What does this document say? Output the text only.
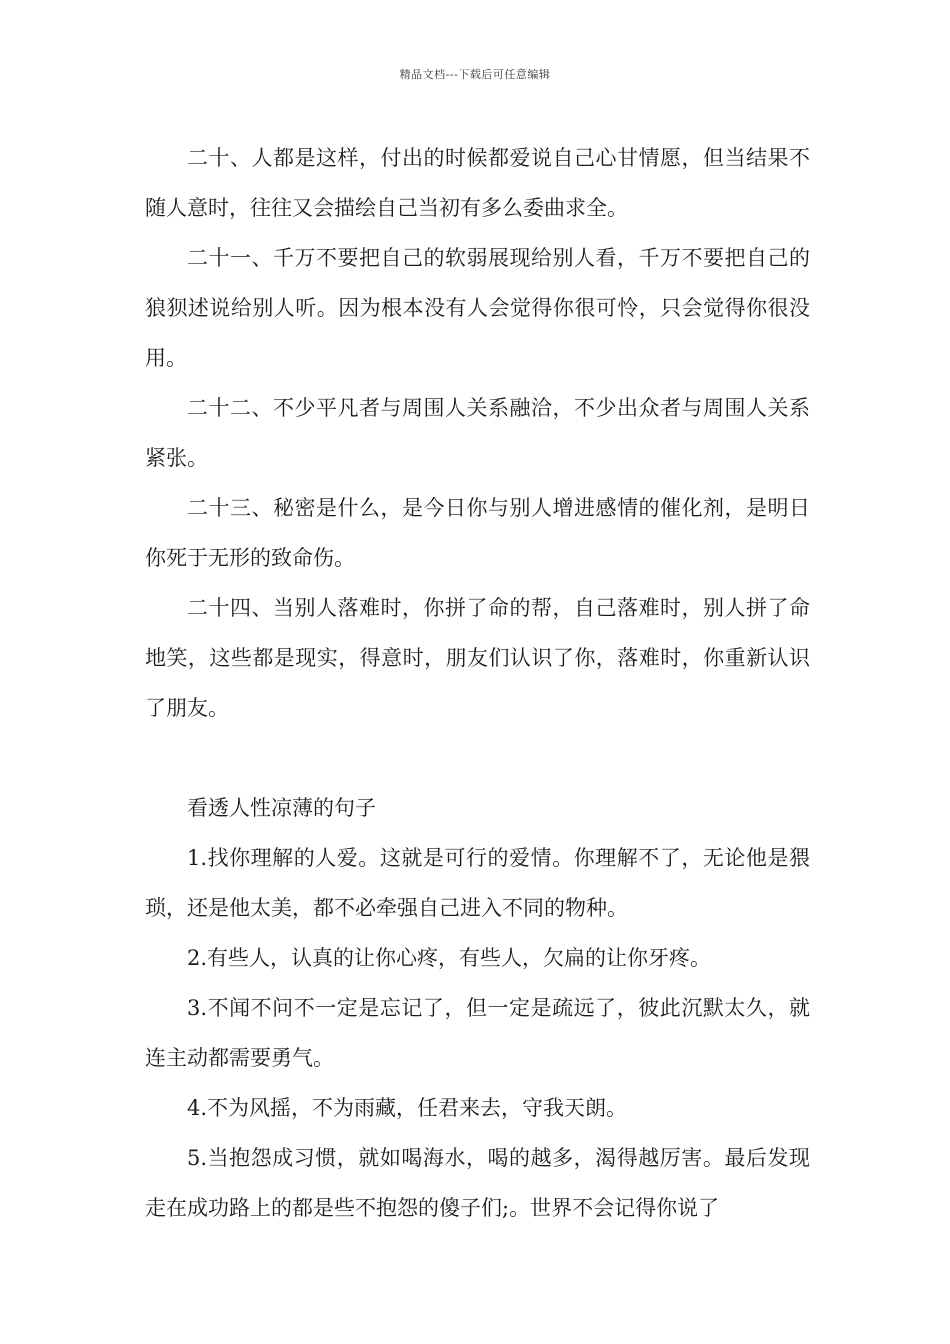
精品文档---下载后可任意编辑

二十、人都是这样，付出的时候都爱说自己心甘情愿，但当结果不随人意时，往往又会描绘自己当初有多么委曲求全。

二十一、千万不要把自己的软弱展现给别人看，千万不要把自己的狼狈述说给别人听。因为根本没有人会觉得你很可怜，只会觉得你很没用。

二十二、不少平凡者与周围人关系融洽，不少出众者与周围人关系紧张。

二十三、秘密是什么，是今日你与别人增进感情的催化剂，是明日你死于无形的致命伤。

二十四、当别人落难时，你拼了命的帮，自己落难时，别人拼了命地笑，这些都是现实，得意时，朋友们认识了你，落难时，你重新认识了朋友。

看透人性凉薄的句子

1.找你理解的人爱。这就是可行的爱情。你理解不了，无论他是猥琐，还是他太美，都不必牵强自己进入不同的物种。

2.有些人，认真的让你心疼，有些人，欠扁的让你牙疼。

3.不闻不问不一定是忘记了，但一定是疏远了，彼此沉默太久，就连主动都需要勇气。

4.不为风摇，不为雨藏，任君来去，守我天朗。

5.当抱怨成习惯，就如喝海水，喝的越多，渴得越厉害。最后发现走在成功路上的都是些不抱怨的傻子们;。世界不会记得你说了
